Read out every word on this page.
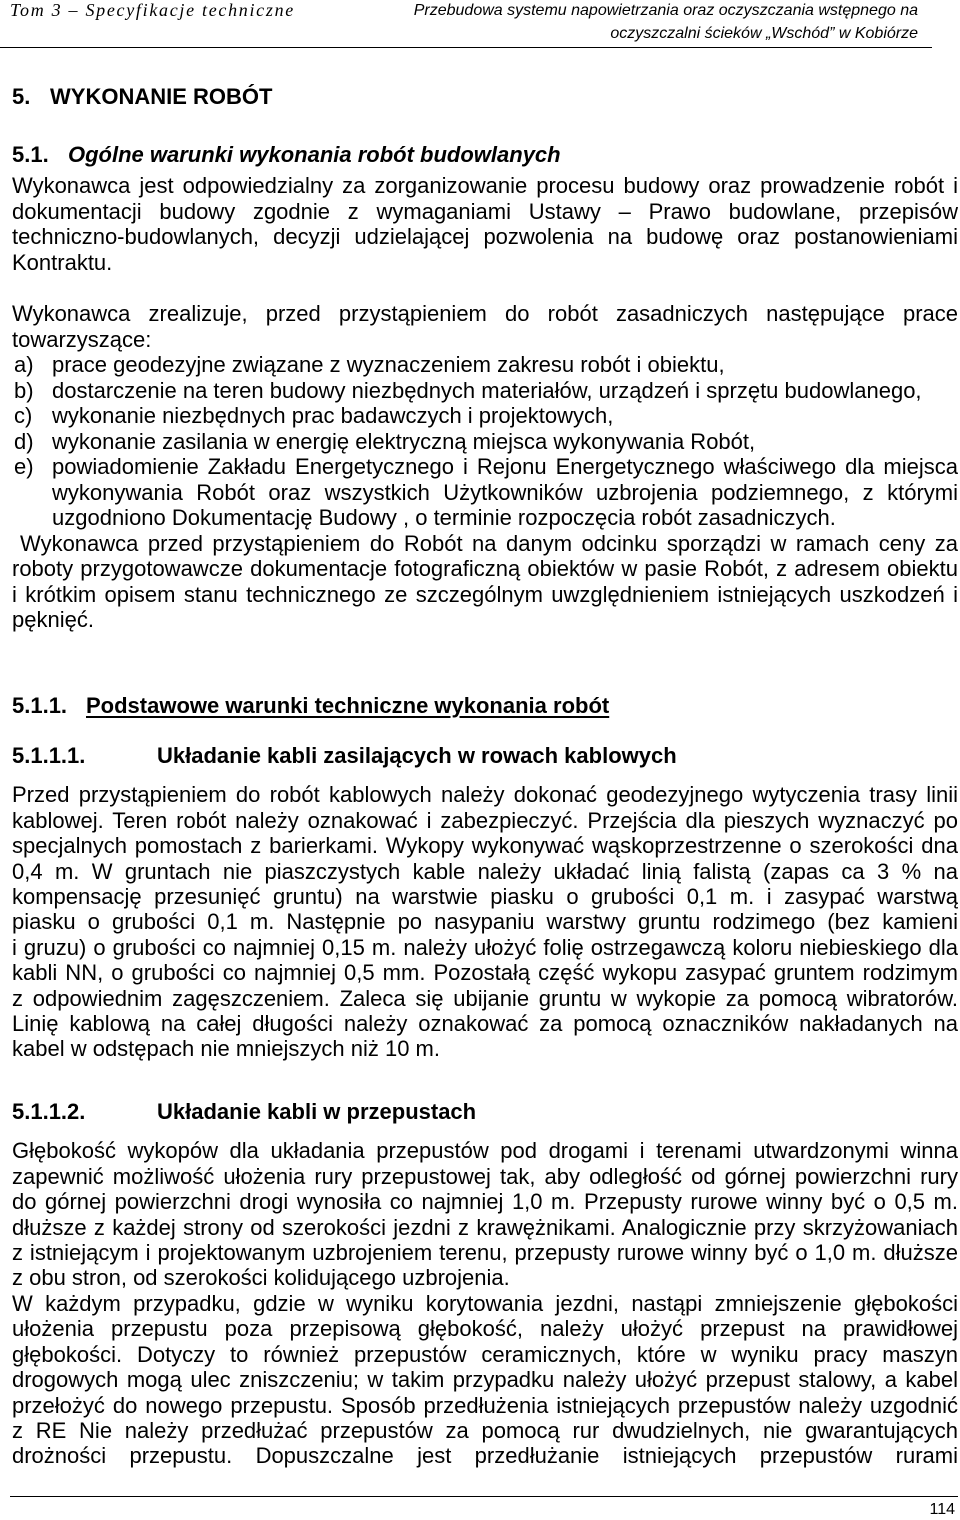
Tom 3 – Specyfikacje techniczne	Przebudowa systemu napowietrzania oraz oczyszczania wstępnego na
oczyszczalni ścieków „Wschód” w Kobiórze
5. WYKONANIE ROBÓT
5.1. Ogólne warunki wykonania robót budowlanych
Wykonawca jest odpowiedzialny za zorganizowanie procesu budowy oraz prowadzenie robót i
dokumentacji budowy zgodnie z wymaganiami Ustawy – Prawo budowlane, przepisów
techniczno-budowlanych, decyzji udzielającej pozwolenia na budowę oraz postanowieniami
Kontraktu.
Wykonawca zrealizuje, przed przystąpieniem do robót zasadniczych następujące prace
towarzyszące:
a) prace geodezyjne związane z wyznaczeniem zakresu robót i obiektu,
b) dostarczenie na teren budowy niezbędnych materiałów, urządzeń i sprzętu budowlanego,
c) wykonanie niezbędnych prac badawczych i projektowych,
d) wykonanie zasilania w energię elektryczną miejsca wykonywania Robót,
e) powiadomienie Zakładu Energetycznego i Rejonu Energetycznego właściwego dla miejsca
wykonywania Robót oraz wszystkich Użytkowników uzbrojenia podziemnego, z którymi
uzgodniono Dokumentację Budowy , o terminie rozpoczęcia robót zasadniczych.
Wykonawca przed przystąpieniem do Robót na danym odcinku sporządzi w ramach ceny za
roboty przygotowawcze dokumentacje fotograficzną obiektów w pasie Robót, z adresem obiektu
i krótkim opisem stanu technicznego ze szczególnym uwzględnieniem istniejących uszkodzeń i
pęknięć.
5.1.1. Podstawowe warunki techniczne wykonania robót
5.1.1.1.	Układanie kabli zasilających w rowach kablowych
Przed przystąpieniem do robót kablowych należy dokonać geodezyjnego wytyczenia trasy linii
kablowej. Teren robót należy oznakować i zabezpieczyć. Przejścia dla pieszych wyznaczyć po
specjalnych pomostach z barierkami. Wykopy wykonywać wąskoprzestrzenne o szerokości dna
0,4 m. W gruntach nie piaszczystych kable należy układać linią falistą (zapas ca 3 % na
kompensację przesunięć gruntu) na warstwie piasku o grubości 0,1 m. i zasypać warstwą
piasku o grubości 0,1 m. Następnie po nasypaniu warstwy gruntu rodzimego (bez kamieni
i gruzu) o grubości co najmniej 0,15 m. należy ułożyć folię ostrzegawczą koloru niebieskiego dla
kabli NN, o grubości co najmniej 0,5 mm. Pozostałą część wykopu zasypać gruntem rodzimym
z odpowiednim zagęszczeniem. Zaleca się ubijanie gruntu w wykopie za pomocą wibratorów.
Linię kablową na całej długości należy oznakować za pomocą oznaczników nakładanych na
kabel w odstępach nie mniejszych niż 10 m.
5.1.1.2.	Układanie kabli w przepustach
Głębokość wykopów dla układania przepustów pod drogami i terenami utwardzonymi winna
zapewnić możliwość ułożenia rury przepustowej tak, aby odległość od górnej powierzchni rury
do górnej powierzchni drogi wynosiła co najmniej 1,0 m. Przepusty rurowe winny być o 0,5 m.
dłuższe z każdej strony od szerokości jezdni z krawężnikami. Analogicznie przy skrzyżowaniach
z istniejącym i projektowanym uzbrojeniem terenu, przepusty rurowe winny być o 1,0 m. dłuższe
z obu stron, od szerokości kolidującego uzbrojenia.
W każdym przypadku, gdzie w wyniku korytowania jezdni, nastąpi zmniejszenie głębokości
ułożenia przepustu poza przepisową głębokość, należy ułożyć przepust na prawidłowej
głębokości. Dotyczy to również przepustów ceramicznych, które w wyniku pracy maszyn
drogowych mogą ulec zniszczeniu; w takim przypadku należy ułożyć przepust stalowy, a kabel
przełożyć do nowego przepustu. Sposób przedłużenia istniejących przepustów należy uzgodnić
z RE Nie należy przedłużać przepustów za pomocą rur dwudzielnych, nie gwarantujących
drożności przepustu. Dopuszczalne jest przedłużanie istniejących przepustów rurami
114
